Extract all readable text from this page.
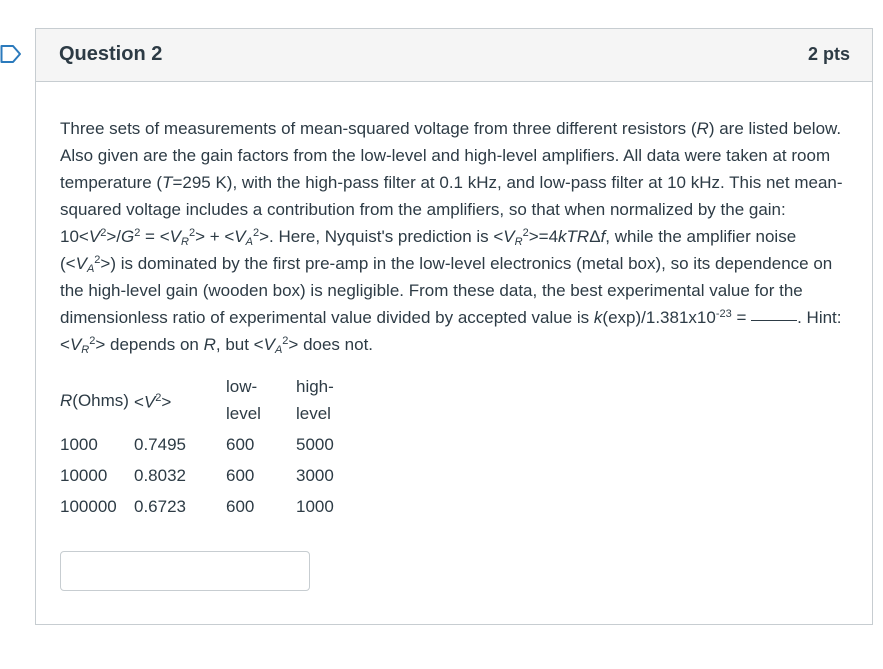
Question 2	2 pts

Three sets of measurements of mean-squared voltage from three different resistors (R) are listed below. Also given are the gain factors from the low-level and high-level amplifiers. All data were taken at room temperature (T=295 K), with the high-pass filter at 0.1 kHz, and low-pass filter at 10 kHz. This net mean-squared voltage includes a contribution from the amplifiers, so that when normalized by the gain: $10<V^2>/G^2 = <V_R^2> + <V_A^2>$. Here, Nyquist's prediction is $<V_R^2>=4kTR\Delta f$, while the amplifier noise $(<V_A^2>)$ is dominated by the first pre-amp in the low-level electronics (metal box), so its dependence on the high-level gain (wooden box) is negligible. From these data, the best experimental value for the dimensionless ratio of experimental value divided by accepted value is $k(\exp)/1.381x10^{-23}$ =	. $Hint:<V_R^2>$ depends on R, but $<V_A^2>$ does not.

R(Ohms)	$<V^2>$	low-level	high-level
1000	0.7495	600	5000
10000	0.8032	600	3000
100000	0.6723	600	1000
